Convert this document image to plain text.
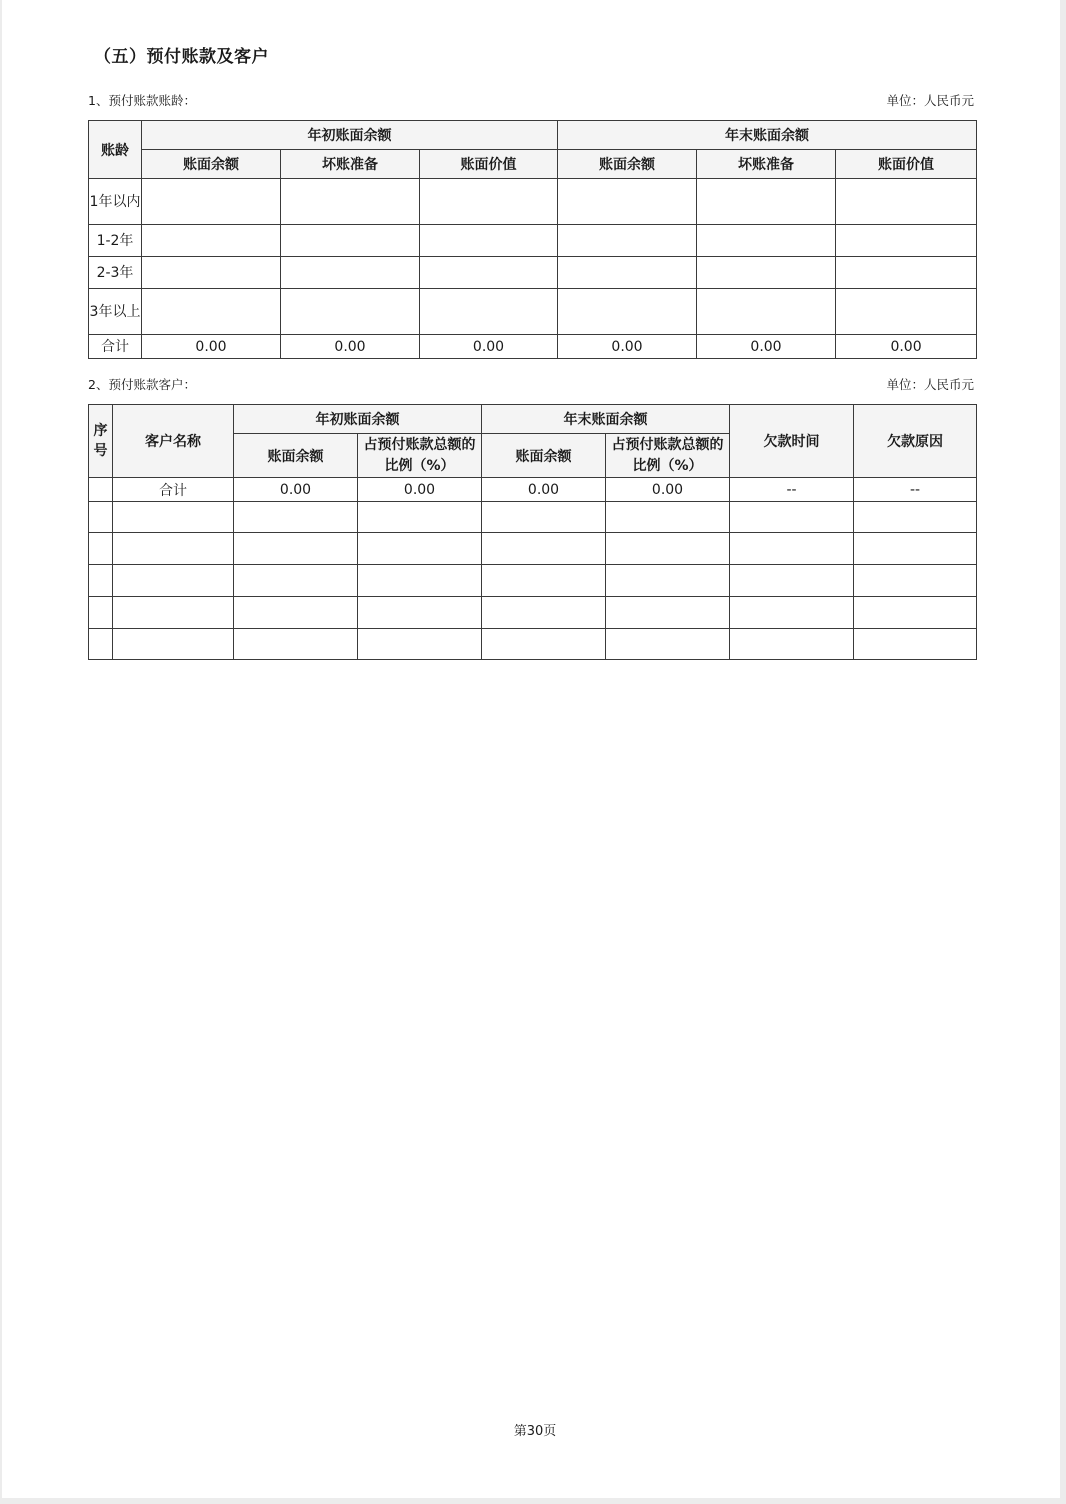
（五）预付账款及客户
1、预付账款账龄：	单位：人民币元
账龄	年初账面余额			年末账面余额		
	账面余额	坏账准备	账面价值	账面余额	坏账准备	账面价值
1年以内						
1-2年						
2-3年						
3年以上						
合计	0.00	0.00	0.00	0.00	0.00	0.00
2、预付账款客户：	单位：人民币元
序号	客户名称	年初账面余额		年末账面余额		欠款时间	欠款原因
		账面余额	占预付账款总额的比例（%）	账面余额	占预付账款总额的比例（%）		
	合计	0.00	0.00	0.00	0.00	--	--

第30页
